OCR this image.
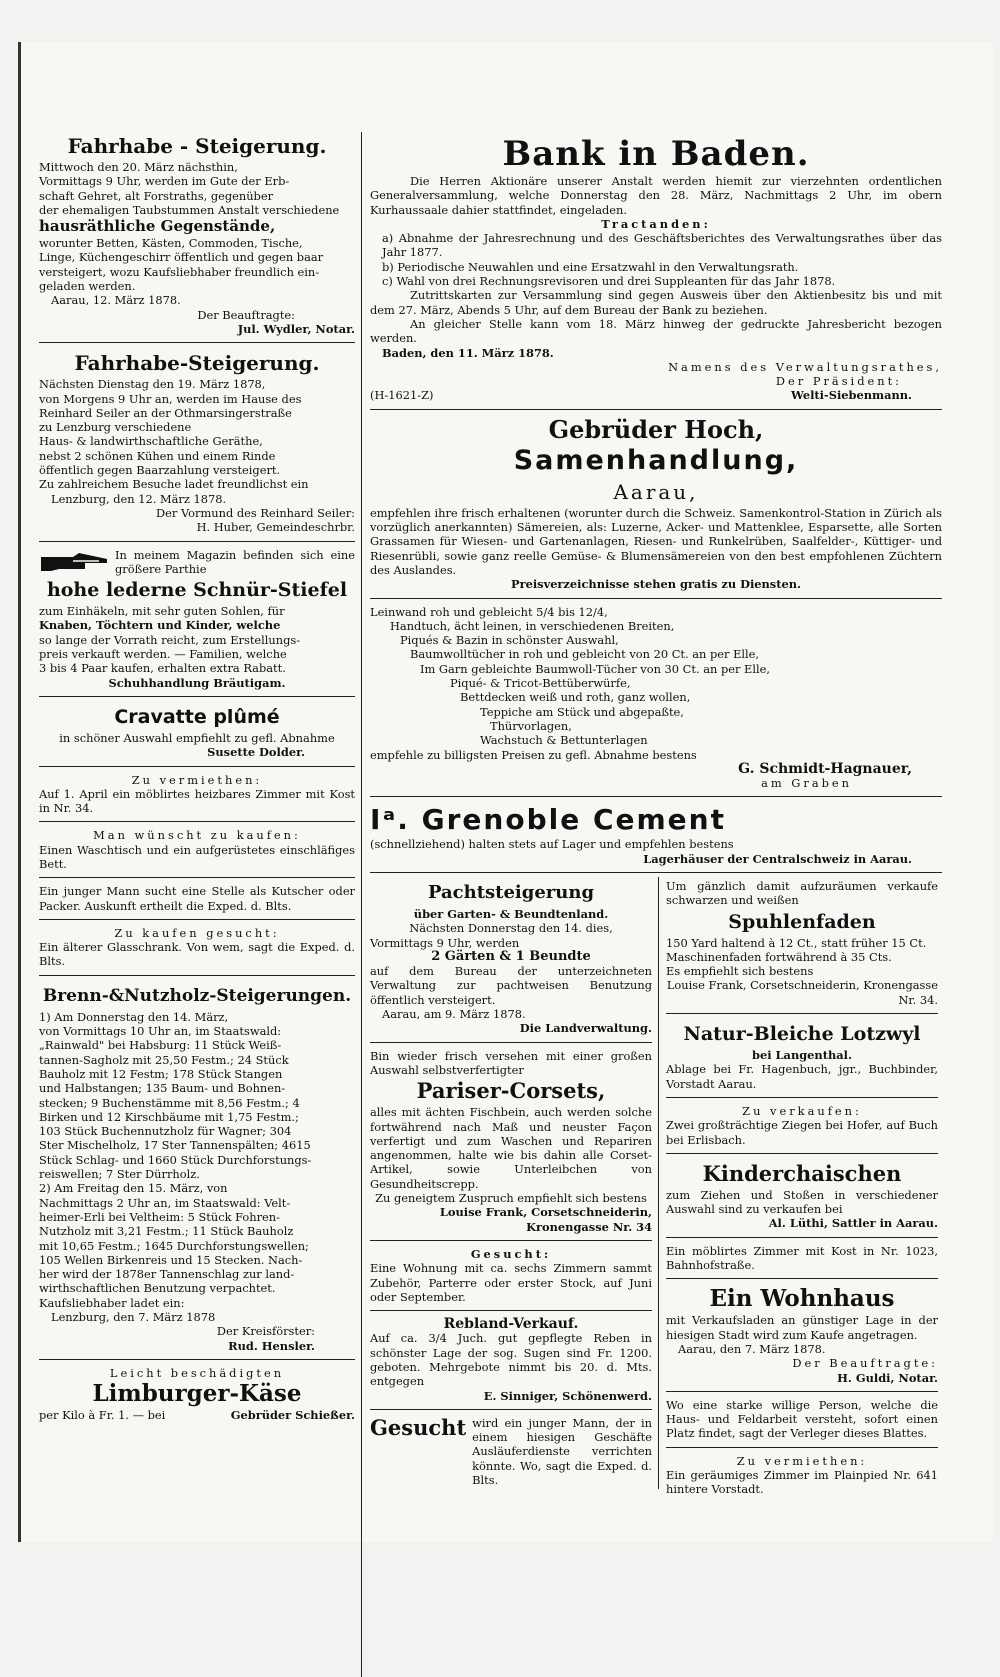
Fahrhabe - Steigerung.

Mittwoch den 20. März nächsthin,

Vormittags 9 Uhr, werden im Gute der Erb-

schaft Gehret, alt Forstraths, gegenüber

der ehemaligen Taubstummen Anstalt verschiedene

hausräthliche Gegenstände,

worunter Betten, Kästen, Commoden, Tische,

Linge, Küchengeschirr öffentlich und gegen baar

versteigert, wozu Kaufsliebhaber freundlich ein-

geladen werden.

Aarau, 12. März 1878.

Der Beauftragte:

Jul. Wydler, Notar.

Fahrhabe-Steigerung.

Nächsten Dienstag den 19. März 1878,

von Morgens 9 Uhr an, werden im Hause des

Reinhard Seiler an der Othmarsingerstraße

zu Lenzburg verschiedene

Haus- & landwirthschaftliche Geräthe,

nebst 2 schönen Kühen und einem Rinde

öffentlich gegen Baarzahlung versteigert.

Zu zahlreichem Besuche ladet freundlichst ein

Lenzburg, den 12. März 1878.

Der Vormund des Reinhard Seiler:

H. Huber, Gemeindeschrbr.

In meinem Magazin befinden sich eine größere Parthie

hohe lederne Schnür-Stiefel

zum Einhäkeln, mit sehr guten Sohlen, für

Knaben, Töchtern und Kinder, welche

so lange der Vorrath reicht, zum Erstellungs-

preis verkauft werden. — Familien, welche

3 bis 4 Paar kaufen, erhalten extra Rabatt.

Schuhhandlung Bräutigam.

Cravatte plûmé

in schöner Auswahl empfiehlt zu gefl. Abnahme

Susette Dolder.

Zu vermiethen:

Auf 1. April ein möblirtes heizbares Zimmer mit Kost in Nr. 34.

Man wünscht zu kaufen:

Einen Waschtisch und ein aufgerüstetes einschläfiges Bett.

Ein junger Mann sucht eine Stelle als Kutscher oder Packer. Auskunft ertheilt die Exped. d. Blts.

Zu kaufen gesucht:

Ein älterer Glasschrank. Von wem, sagt die Exped. d. Blts.

Brenn-&Nutzholz-Steigerungen.

1) Am Donnerstag den 14. März,

von Vormittags 10 Uhr an, im Staatswald:

„Rainwald" bei Habsburg: 11 Stück Weiß-

tannen-Sagholz mit 25,50 Festm.; 24 Stück

Bauholz mit 12 Festm; 178 Stück Stangen

und Halbstangen; 135 Baum- und Bohnen-

stecken; 9 Buchenstämme mit 8,56 Festm.; 4

Birken und 12 Kirschbäume mit 1,75 Festm.;

103 Stück Buchennutzholz für Wagner; 304

Ster Mischelholz, 17 Ster Tannenspälten; 4615

Stück Schlag- und 1660 Stück Durchforstungs-

reiswellen; 7 Ster Dürrholz.

2) Am Freitag den 15. März, von

Nachmittags 2 Uhr an, im Staatswald: Velt-

heimer-Erli bei Veltheim: 5 Stück Fohren-

Nutzholz mit 3,21 Festm.; 11 Stück Bauholz

mit 10,65 Festm.; 1645 Durchforstungswellen;

105 Wellen Birkenreis und 15 Stecken. Nach-

her wird der 1878er Tannenschlag zur land-

wirthschaftlichen Benutzung verpachtet.

Kaufsliebhaber ladet ein:

Lenzburg, den 7. März 1878

Der Kreisförster:

Rud. Hensler.

Leicht beschädigten

Limburger-Käse

per Kilo à Fr. 1. — bei	Gebrüder Schießer.

Bank in Baden.

Die Herren Aktionäre unserer Anstalt werden hiemit zur vierzehnten ordentlichen Generalversammlung, welche Donnerstag den 28. März, Nachmittags 2 Uhr, im obern Kurhaussaale dahier stattfindet, eingeladen.

Tractanden:

a) Abnahme der Jahresrechnung und des Geschäftsberichtes des Verwaltungsrathes über das Jahr 1877.

b) Periodische Neuwahlen und eine Ersatzwahl in den Verwaltungsrath.

c) Wahl von drei Rechnungsrevisoren und drei Suppleanten für das Jahr 1878.

Zutrittskarten zur Versammlung sind gegen Ausweis über den Aktienbesitz bis und mit dem 27. März, Abends 5 Uhr, auf dem Bureau der Bank zu beziehen.

An gleicher Stelle kann vom 18. März hinweg der gedruckte Jahresbericht bezogen werden.

Baden, den 11. März 1878.

Namens des Verwaltungsrathes,

Der Präsident:

(H-1621-Z)	Welti-Siebenmann.

Gebrüder Hoch,
Samenhandlung,
Aarau,

empfehlen ihre frisch erhaltenen (worunter durch die Schweiz. Samenkontrol-Station in Zürich als vorzüglich anerkannten) Sämereien, als: Luzerne, Acker- und Mattenklee, Esparsette, alle Sorten Grassamen für Wiesen- und Gartenanlagen, Riesen- und Runkelrüben, Saalfelder-, Küttiger- und Riesenrübli, sowie ganz reelle Gemüse- & Blumensämereien von den best empfohlenen Züchtern des Auslandes.

Preisverzeichnisse stehen gratis zu Diensten.

Leinwand roh und gebleicht 5/4 bis 12/4,

Handtuch, ächt leinen, in verschiedenen Breiten,

Piqués & Bazin in schönster Auswahl,

Baumwolltücher in roh und gebleicht von 20 Ct. an per Elle,

Im Garn gebleichte Baumwoll-Tücher von 30 Ct. an per Elle,

Piqué- & Tricot-Bettüberwürfe,

Bettdecken weiß und roth, ganz wollen,

Teppiche am Stück und abgepaßte,

Thürvorlagen,

Wachstuch & Bettunterlagen

empfehle zu billigsten Preisen zu gefl. Abnahme bestens

G. Schmidt-Hagnauer,

am Graben

Iᵃ. Grenoble Cement

(schnellziehend) halten stets auf Lager und empfehlen bestens

Lagerhäuser der Centralschweiz in Aarau.

Pachtsteigerung

über Garten- & Beundtenland.

Nächsten Donnerstag den 14. dies,

Vormittags 9 Uhr, werden

2 Gärten & 1 Beundte

auf dem Bureau der unterzeichneten Verwaltung zur pachtweisen Benutzung öffentlich versteigert.

Aarau, am 9. März 1878.

Die Landverwaltung.

Bin wieder frisch versehen mit einer großen Auswahl selbstverfertigter

Pariser-Corsets,

alles mit ächten Fischbein, auch werden solche fortwährend nach Maß und neuster Façon verfertigt und zum Waschen und Repariren angenommen, halte wie bis dahin alle Corset-Artikel, sowie Unterleibchen von Gesundheitscrepp.

Zu geneigtem Zuspruch empfiehlt sich bestens

Louise Frank, Corsetschneiderin, Kronengasse Nr. 34

Gesucht:

Eine Wohnung mit ca. sechs Zimmern sammt Zubehör, Parterre oder erster Stock, auf Juni oder September.

Rebland-Verkauf.

Auf ca. 3/4 Juch. gut gepflegte Reben in schönster Lage der sog. Sugen sind Fr. 1200. geboten. Mehrgebote nimmt bis 20. d. Mts. entgegen

E. Sinniger, Schönenwerd.

Gesucht wird ein junger Mann, der in einem hiesigen Geschäfte Ausläuferdienste verrichten könnte. Wo, sagt die Exped. d. Blts.

Um gänzlich damit aufzuräumen verkaufe schwarzen und weißen

Spuhlenfaden

150 Yard haltend à 12 Ct., statt früher 15 Ct.

Maschinenfaden fortwährend à 35 Cts.

Es empfiehlt sich bestens

Louise Frank, Corsetschneiderin, Kronengasse Nr. 34.

Natur-Bleiche Lotzwyl

bei Langenthal.

Ablage bei Fr. Hagenbuch, jgr., Buchbinder, Vorstadt Aarau.

Zu verkaufen:

Zwei großträchtige Ziegen bei Hofer, auf Buch bei Erlisbach.

Kinderchaischen

zum Ziehen und Stoßen in verschiedener Auswahl sind zu verkaufen bei

Al. Lüthi, Sattler in Aarau.

Ein möblirtes Zimmer mit Kost in Nr. 1023, Bahnhofstraße.

Ein Wohnhaus

mit Verkaufsladen an günstiger Lage in der hiesigen Stadt wird zum Kaufe angetragen.

Aarau, den 7. März 1878.

Der Beauftragte:

H. Guldi, Notar.

Wo eine starke willige Person, welche die Haus- und Feldarbeit versteht, sofort einen Platz findet, sagt der Verleger dieses Blattes.

Zu vermiethen:

Ein geräumiges Zimmer im Plainpied Nr. 641 hintere Vorstadt.
